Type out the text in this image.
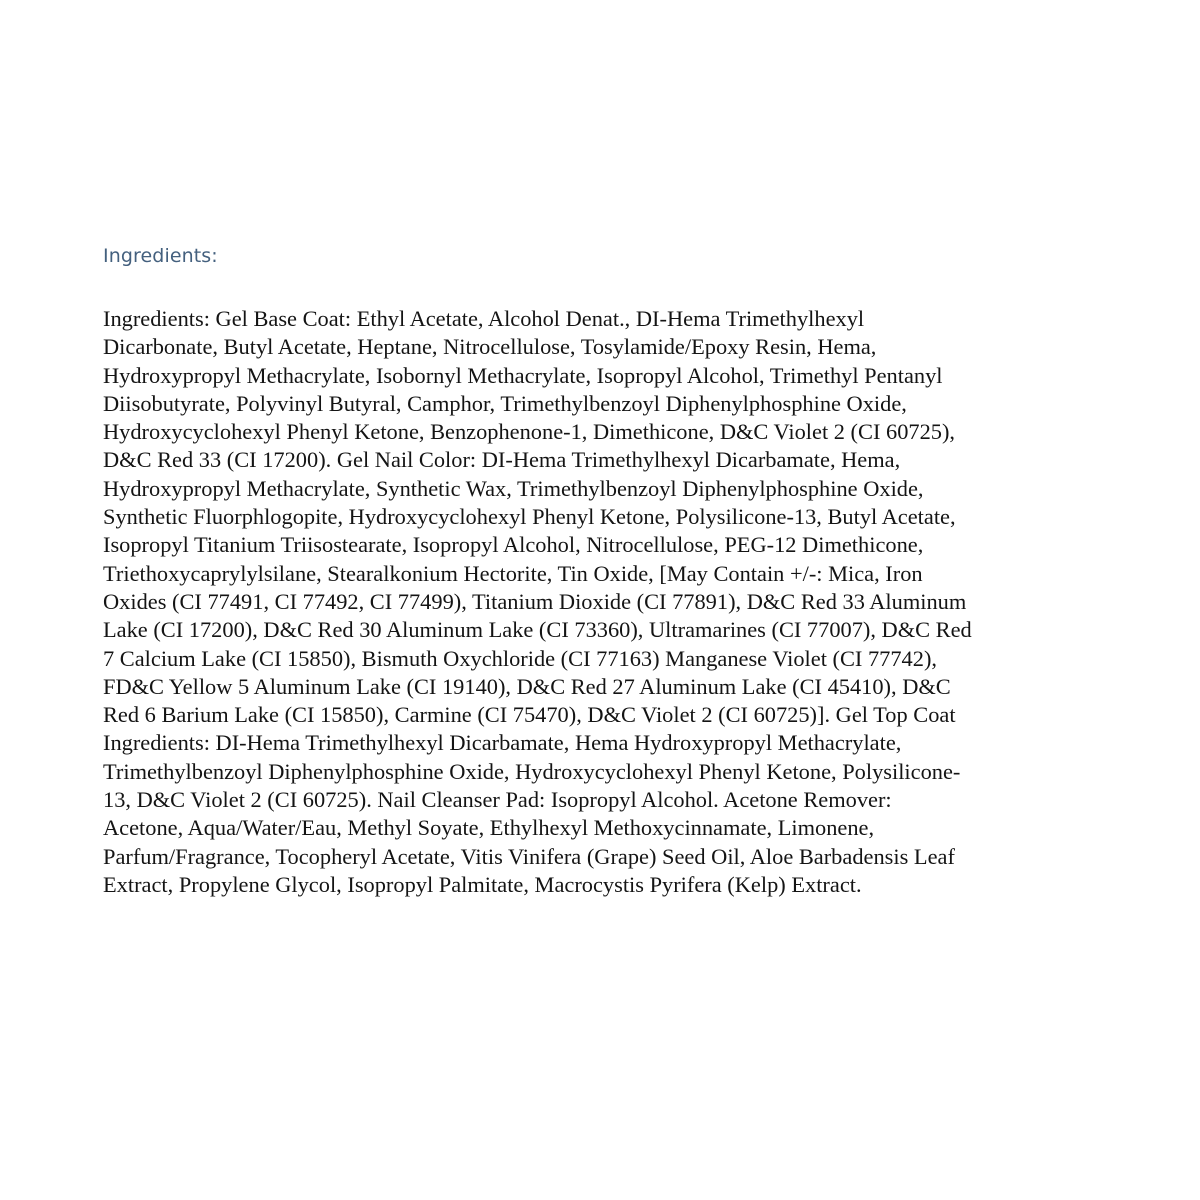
Ingredients:
Ingredients: Gel Base Coat: Ethyl Acetate, Alcohol Denat., DI-Hema Trimethylhexyl
Dicarbonate, Butyl Acetate, Heptane, Nitrocellulose, Tosylamide/Epoxy Resin, Hema,
Hydroxypropyl Methacrylate, Isobornyl Methacrylate, Isopropyl Alcohol, Trimethyl Pentanyl
Diisobutyrate, Polyvinyl Butyral, Camphor, Trimethylbenzoyl Diphenylphosphine Oxide,
Hydroxycyclohexyl Phenyl Ketone, Benzophenone-1, Dimethicone, D&C Violet 2 (CI 60725),
D&C Red 33 (CI 17200). Gel Nail Color: DI-Hema Trimethylhexyl Dicarbamate, Hema,
Hydroxypropyl Methacrylate, Synthetic Wax, Trimethylbenzoyl Diphenylphosphine Oxide,
Synthetic Fluorphlogopite, Hydroxycyclohexyl Phenyl Ketone, Polysilicone-13, Butyl Acetate,
Isopropyl Titanium Triisostearate, Isopropyl Alcohol, Nitrocellulose, PEG-12 Dimethicone,
Triethoxycaprylylsilane, Stearalkonium Hectorite, Tin Oxide, [May Contain +/-: Mica, Iron
Oxides (CI 77491, CI 77492, CI 77499), Titanium Dioxide (CI 77891), D&C Red 33 Aluminum
Lake (CI 17200), D&C Red 30 Aluminum Lake (CI 73360), Ultramarines (CI 77007), D&C Red
7 Calcium Lake (CI 15850), Bismuth Oxychloride (CI 77163) Manganese Violet (CI 77742),
FD&C Yellow 5 Aluminum Lake (CI 19140), D&C Red 27 Aluminum Lake (CI 45410), D&C
Red 6 Barium Lake (CI 15850), Carmine (CI 75470), D&C Violet 2 (CI 60725)]. Gel Top Coat
Ingredients: DI-Hema Trimethylhexyl Dicarbamate, Hema Hydroxypropyl Methacrylate,
Trimethylbenzoyl Diphenylphosphine Oxide, Hydroxycyclohexyl Phenyl Ketone, Polysilicone-
13, D&C Violet 2 (CI 60725). Nail Cleanser Pad: Isopropyl Alcohol. Acetone Remover:
Acetone, Aqua/Water/Eau, Methyl Soyate, Ethylhexyl Methoxycinnamate, Limonene,
Parfum/Fragrance, Tocopheryl Acetate, Vitis Vinifera (Grape) Seed Oil, Aloe Barbadensis Leaf
Extract, Propylene Glycol, Isopropyl Palmitate, Macrocystis Pyrifera (Kelp) Extract.
